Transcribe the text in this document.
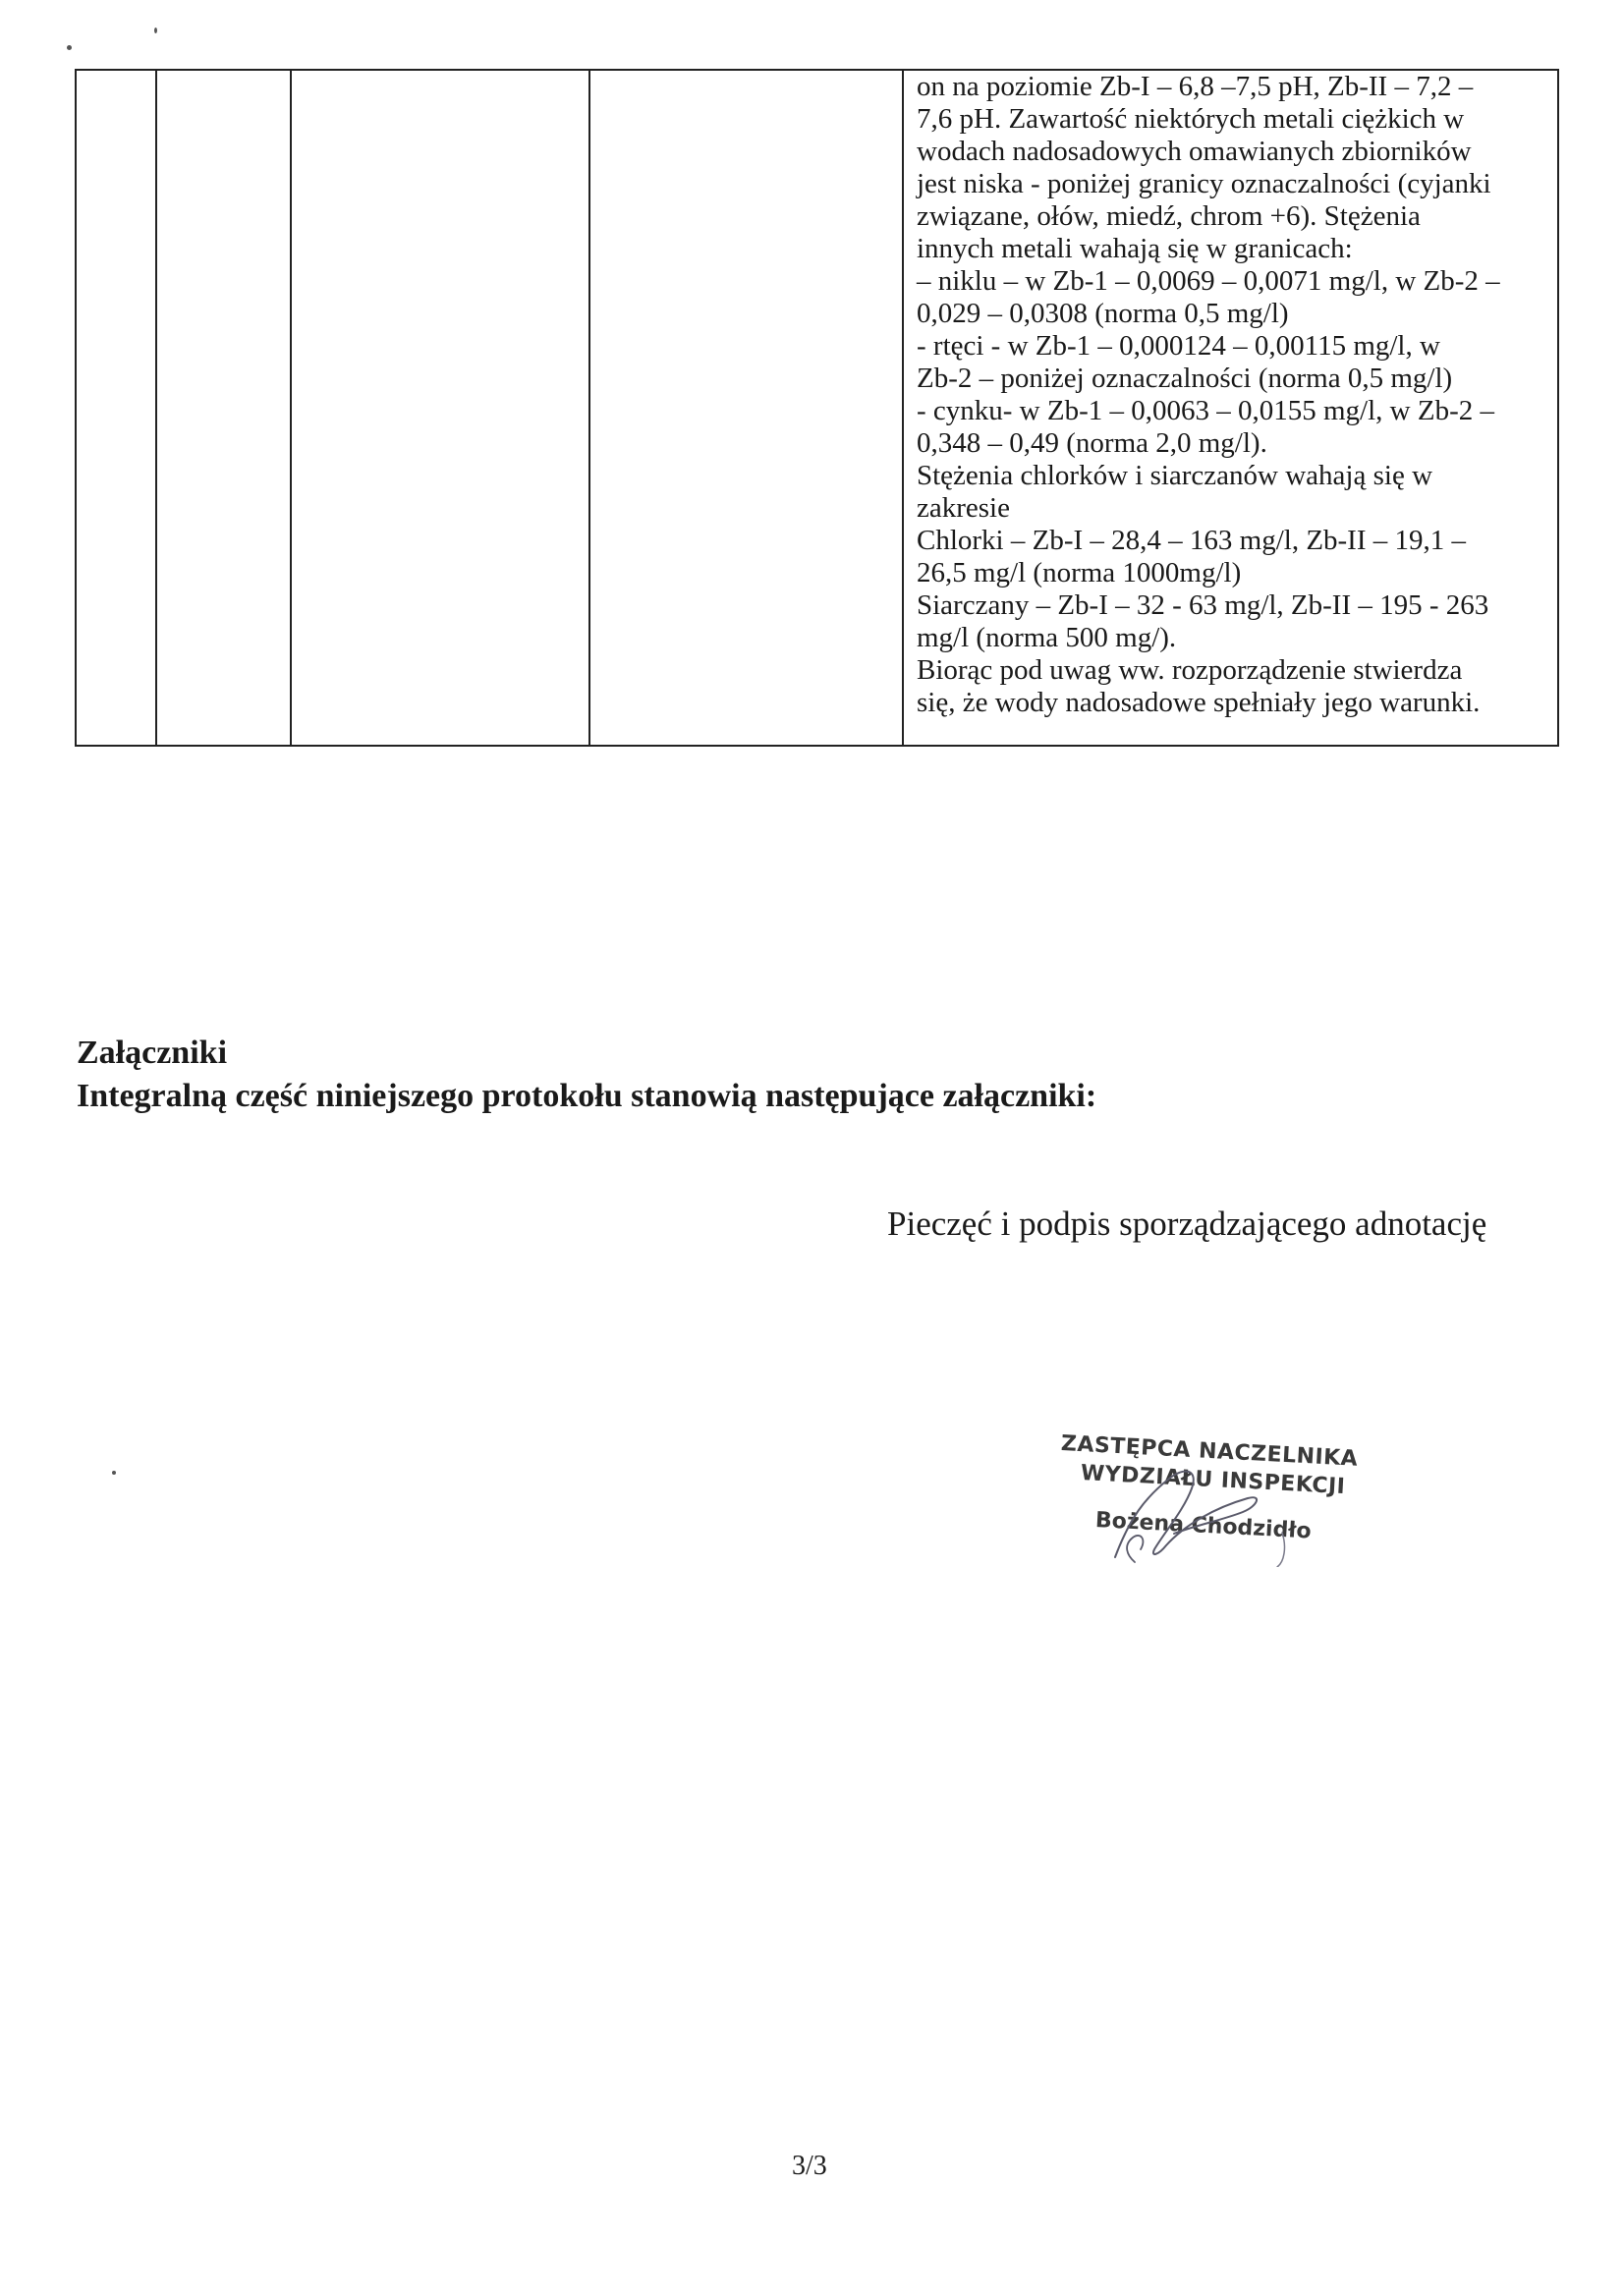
on na poziomie Zb-I – 6,8 –7,5 pH, Zb-II – 7,2 –
7,6 pH. Zawartość niektórych metali ciężkich w
wodach nadosadowych omawianych zbiorników
jest niska - poniżej granicy oznaczalności (cyjanki
związane, ołów, miedź, chrom +6). Stężenia
innych metali wahają się w granicach:
– niklu – w Zb-1 – 0,0069 – 0,0071 mg/l, w Zb-2 –
0,029 – 0,0308 (norma 0,5 mg/l)
- rtęci - w Zb-1 – 0,000124 – 0,00115 mg/l, w
Zb-2 – poniżej oznaczalności (norma 0,5 mg/l)
- cynku- w Zb-1 – 0,0063 – 0,0155 mg/l, w Zb-2 –
0,348 – 0,49 (norma 2,0 mg/l).
Stężenia chlorków i siarczanów wahają się w
zakresie
Chlorki – Zb-I – 28,4 – 163 mg/l, Zb-II – 19,1 –
26,5 mg/l (norma 1000mg/l)
Siarczany – Zb-I – 32 - 63 mg/l, Zb-II – 195 - 263
mg/l (norma 500 mg/).
Biorąc pod uwag ww. rozporządzenie stwierdza
się, że wody nadosadowe spełniały jego warunki.
Załączniki
Integralną część niniejszego protokołu stanowią następujące załączniki:
Pieczęć i podpis sporządzającego adnotację
ZASTĘPCA NACZELNIKA
WYDZIAŁU INSPEKCJI
Bożena Chodzidło
3/3
